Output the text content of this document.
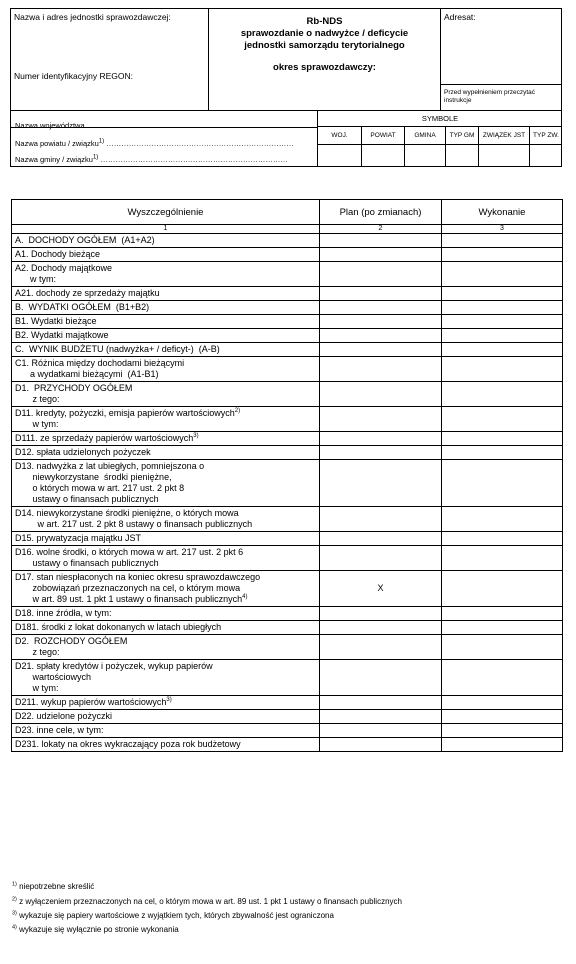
Nazwa i adres jednostki sprawozdawczej:
Numer identyfikacyjny REGON:
Rb-NDS
sprawozdanie o nadwyżce / deficycie
jednostki samorządu terytorialnego
okres sprawozdawczy:
Adresat:
Przed wypełnieniem przeczytać instrukcje
SYMBOLE
Nazwa województwa …………………………………………………………………
Nazwa powiatu / związku$^{1)}$ …………………………………………………………………
Nazwa gminy / związku$^{1)}$ …………………………………………………………………
WOJ.	POWIAT	GMINA	TYP GM	ZWIĄZEK JST	TYP ZW.
Wyszczególnienie	Plan (po zmianach)	Wykonanie
1	2	3

A.  DOCHODY OGÓŁEM  (A1+A2)		

A1. Dochody bieżące		

A2. Dochody majątkowe
w tym:		

A21. dochody ze sprzedaży majątku		

B.  WYDATKI OGÓŁEM  (B1+B2)		

B1. Wydatki bieżące		

B2. Wydatki majątkowe		

C.  WYNIK BUDŻETU (nadwyżka+ / deficyt-)  (A-B)		

C1. Różnica między dochodami bieżącymi
a wydatkami bieżącymi  (A1-B1)		

D1.  PRZYCHODY OGÓŁEM
z tego:		

D11. kredyty, pożyczki, emisja papierów wartościowych$^{2)}$
w tym:		

D111. ze sprzedaży papierów wartościowych$^{3)}$

D12. spłata udzielonych pożyczek		

D13. nadwyżka z lat ubiegłych, pomniejszona o
niewykorzystane  środki pieniężne,
o których mowa w art. 217 ust. 2 pkt 8
ustawy o finansach publicznych		

D14. niewykorzystane środki pieniężne, o których mowa
w art. 217 ust. 2 pkt 8 ustawy o finansach publicznych		

D15. prywatyzacja majątku JST		

D16. wolne środki, o których mowa w art. 217 ust. 2 pkt 6
ustawy o finansach publicznych		

D17. stan niespłaconych na koniec okresu sprawozdawczego
zobowiązań przeznaczonych na cel, o którym mowa
w art. 89 ust. 1 pkt 1 ustawy o finansach publicznych$^{4)}$	X	

D18. inne źródła, w tym:		

D181. środki z lokat dokonanych w latach ubiegłych		

D2.  ROZCHODY OGÓŁEM
z tego:		

D21. spłaty kredytów i pożyczek, wykup papierów
wartościowych
w tym:		

D211. wykup papierów wartościowych$^{3)}$

D22. udzielone pożyczki		

D23. inne cele, w tym:		

D231. lokaty na okres wykraczający poza rok budżetowy		

$^{1)}$ niepotrzebne skreślić
$^{2)}$ z wyłączeniem przeznaczonych na cel, o którym mowa w art. 89 ust. 1 pkt 1 ustawy o finansach publicznych
$^{3)}$ wykazuje się papiery wartościowe z wyjątkiem tych, których zbywalność jest ograniczona
$^{4)}$ wykazuje się wyłącznie po stronie wykonania
